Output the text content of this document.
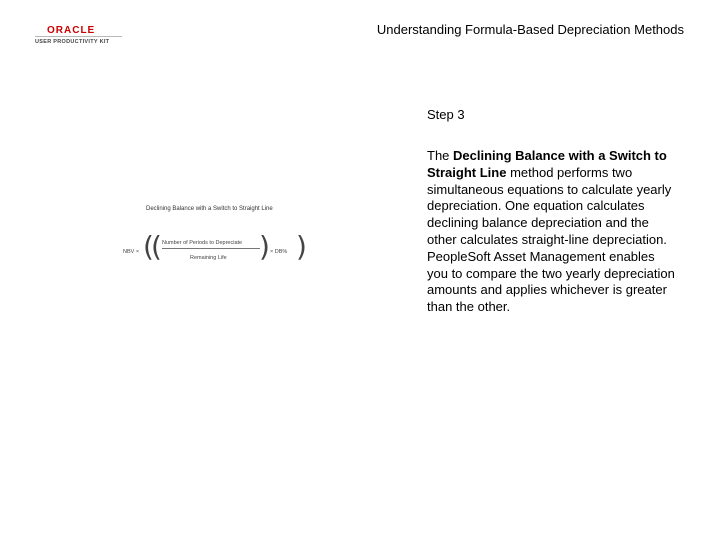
ORACLE
USER PRODUCTIVITY KIT
Understanding Formula-Based Depreciation Methods
Declining Balance with a Switch to Straight Line
NBV × (
( Number of Periods to Depreciate
Remaining Life ) × DB% )
Step 3
The Declining Balance with a Switch to Straight Line method performs two simultaneous equations to calculate yearly depreciation. One equation calculates declining balance depreciation and the other calculates straight-line depreciation. PeopleSoft Asset Management enables you to compare the two yearly depreciation amounts and applies whichever is greater than the other.
